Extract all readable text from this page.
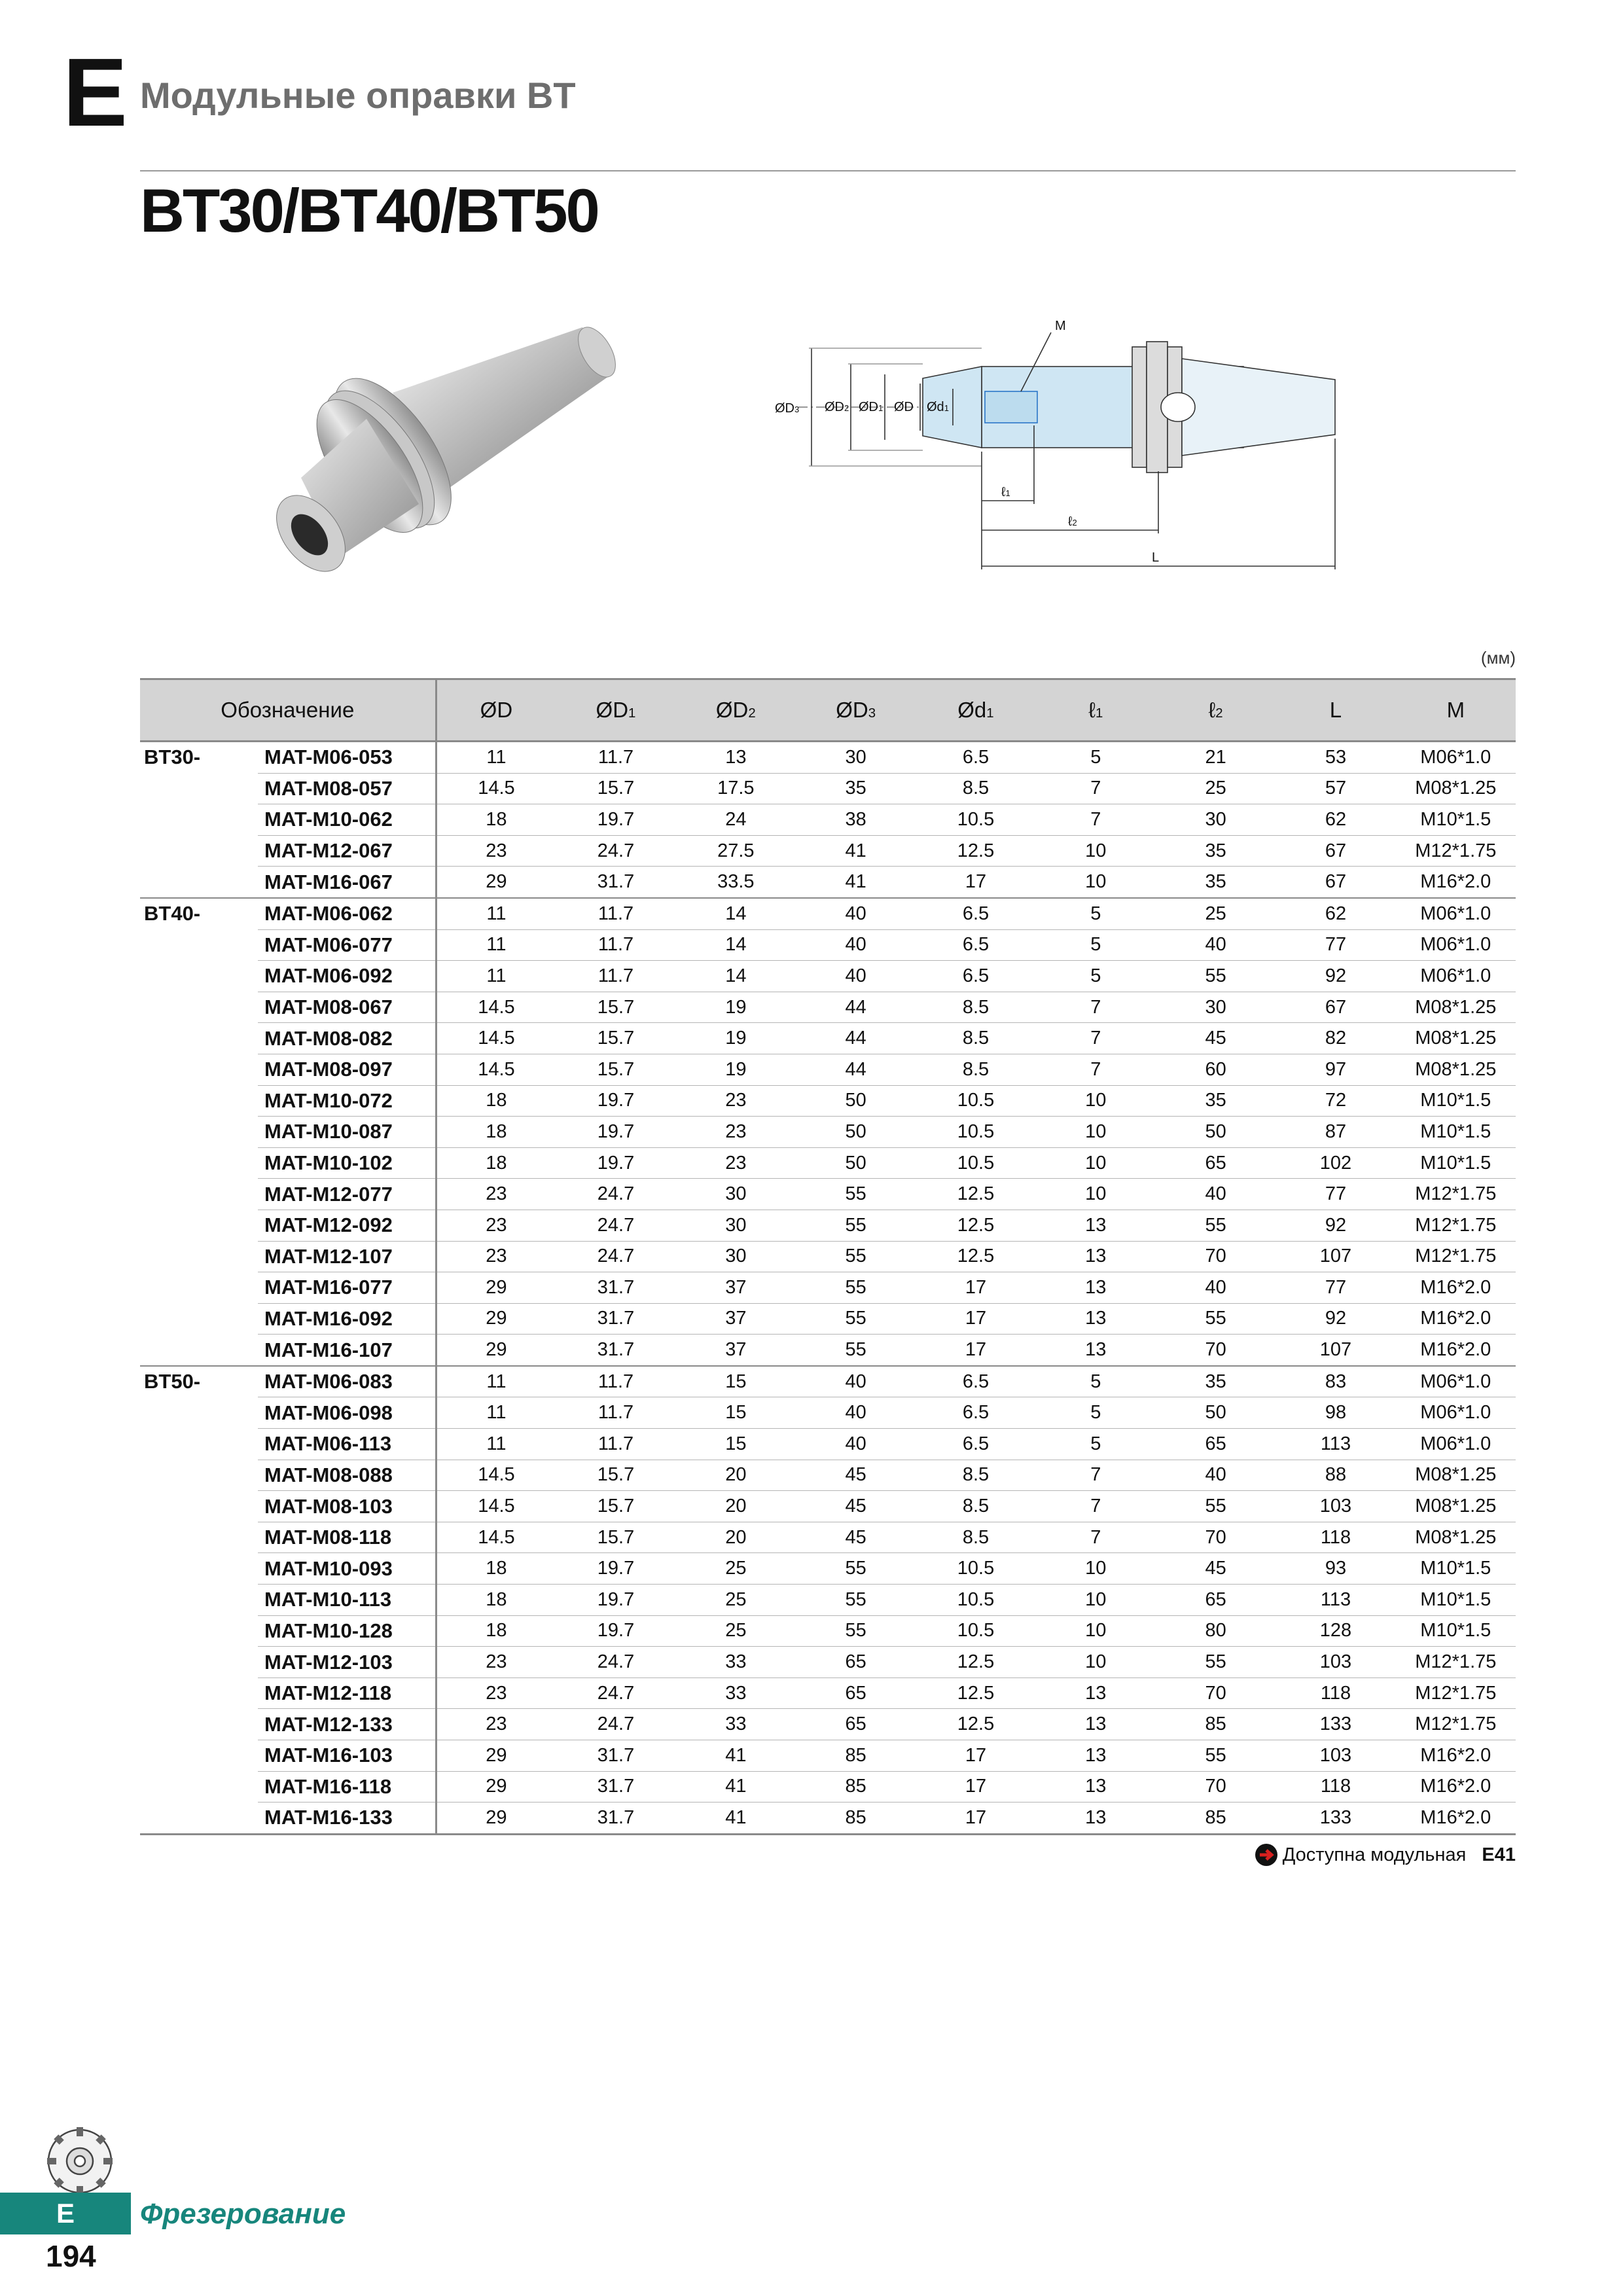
E Модульные оправки BT
BT30/BT40/BT50
M
ØD3 ØD2 ØD1 ØD Ød1
ℓ1
ℓ2
L
(мм)
Обозначение		ØD	ØD1	ØD2	ØD3	Ød1	ℓ1	ℓ2	L	M
BT30-	MAT-M06-053	11	11.7	13	30	6.5	5	21	53	M06*1.0
	MAT-M08-057	14.5	15.7	17.5	35	8.5	7	25	57	M08*1.25
	MAT-M10-062	18	19.7	24	38	10.5	7	30	62	M10*1.5
	MAT-M12-067	23	24.7	27.5	41	12.5	10	35	67	M12*1.75
	MAT-M16-067	29	31.7	33.5	41	17	10	35	67	M16*2.0
BT40-	MAT-M06-062	11	11.7	14	40	6.5	5	25	62	M06*1.0
	MAT-M06-077	11	11.7	14	40	6.5	5	40	77	M06*1.0
	MAT-M06-092	11	11.7	14	40	6.5	5	55	92	M06*1.0
	MAT-M08-067	14.5	15.7	19	44	8.5	7	30	67	M08*1.25
	MAT-M08-082	14.5	15.7	19	44	8.5	7	45	82	M08*1.25
	MAT-M08-097	14.5	15.7	19	44	8.5	7	60	97	M08*1.25
	MAT-M10-072	18	19.7	23	50	10.5	10	35	72	M10*1.5
	MAT-M10-087	18	19.7	23	50	10.5	10	50	87	M10*1.5
	MAT-M10-102	18	19.7	23	50	10.5	10	65	102	M10*1.5
	MAT-M12-077	23	24.7	30	55	12.5	10	40	77	M12*1.75
	MAT-M12-092	23	24.7	30	55	12.5	13	55	92	M12*1.75
	MAT-M12-107	23	24.7	30	55	12.5	13	70	107	M12*1.75
	MAT-M16-077	29	31.7	37	55	17	13	40	77	M16*2.0
	MAT-M16-092	29	31.7	37	55	17	13	55	92	M16*2.0
	MAT-M16-107	29	31.7	37	55	17	13	70	107	M16*2.0
BT50-	MAT-M06-083	11	11.7	15	40	6.5	5	35	83	M06*1.0
	MAT-M06-098	11	11.7	15	40	6.5	5	50	98	M06*1.0
	MAT-M06-113	11	11.7	15	40	6.5	5	65	113	M06*1.0
	MAT-M08-088	14.5	15.7	20	45	8.5	7	40	88	M08*1.25
	MAT-M08-103	14.5	15.7	20	45	8.5	7	55	103	M08*1.25
	MAT-M08-118	14.5	15.7	20	45	8.5	7	70	118	M08*1.25
	MAT-M10-093	18	19.7	25	55	10.5	10	45	93	M10*1.5
	MAT-M10-113	18	19.7	25	55	10.5	10	65	113	M10*1.5
	MAT-M10-128	18	19.7	25	55	10.5	10	80	128	M10*1.5
	MAT-M12-103	23	24.7	33	65	12.5	10	55	103	M12*1.75
	MAT-M12-118	23	24.7	33	65	12.5	13	70	118	M12*1.75
	MAT-M12-133	23	24.7	33	65	12.5	13	85	133	M12*1.75
	MAT-M16-103	29	31.7	41	85	17	13	55	103	M16*2.0
	MAT-M16-118	29	31.7	41	85	17	13	70	118	M16*2.0
	MAT-M16-133	29	31.7	41	85	17	13	85	133	M16*2.0
Доступна модульная E41
E	Фрезерование
194
